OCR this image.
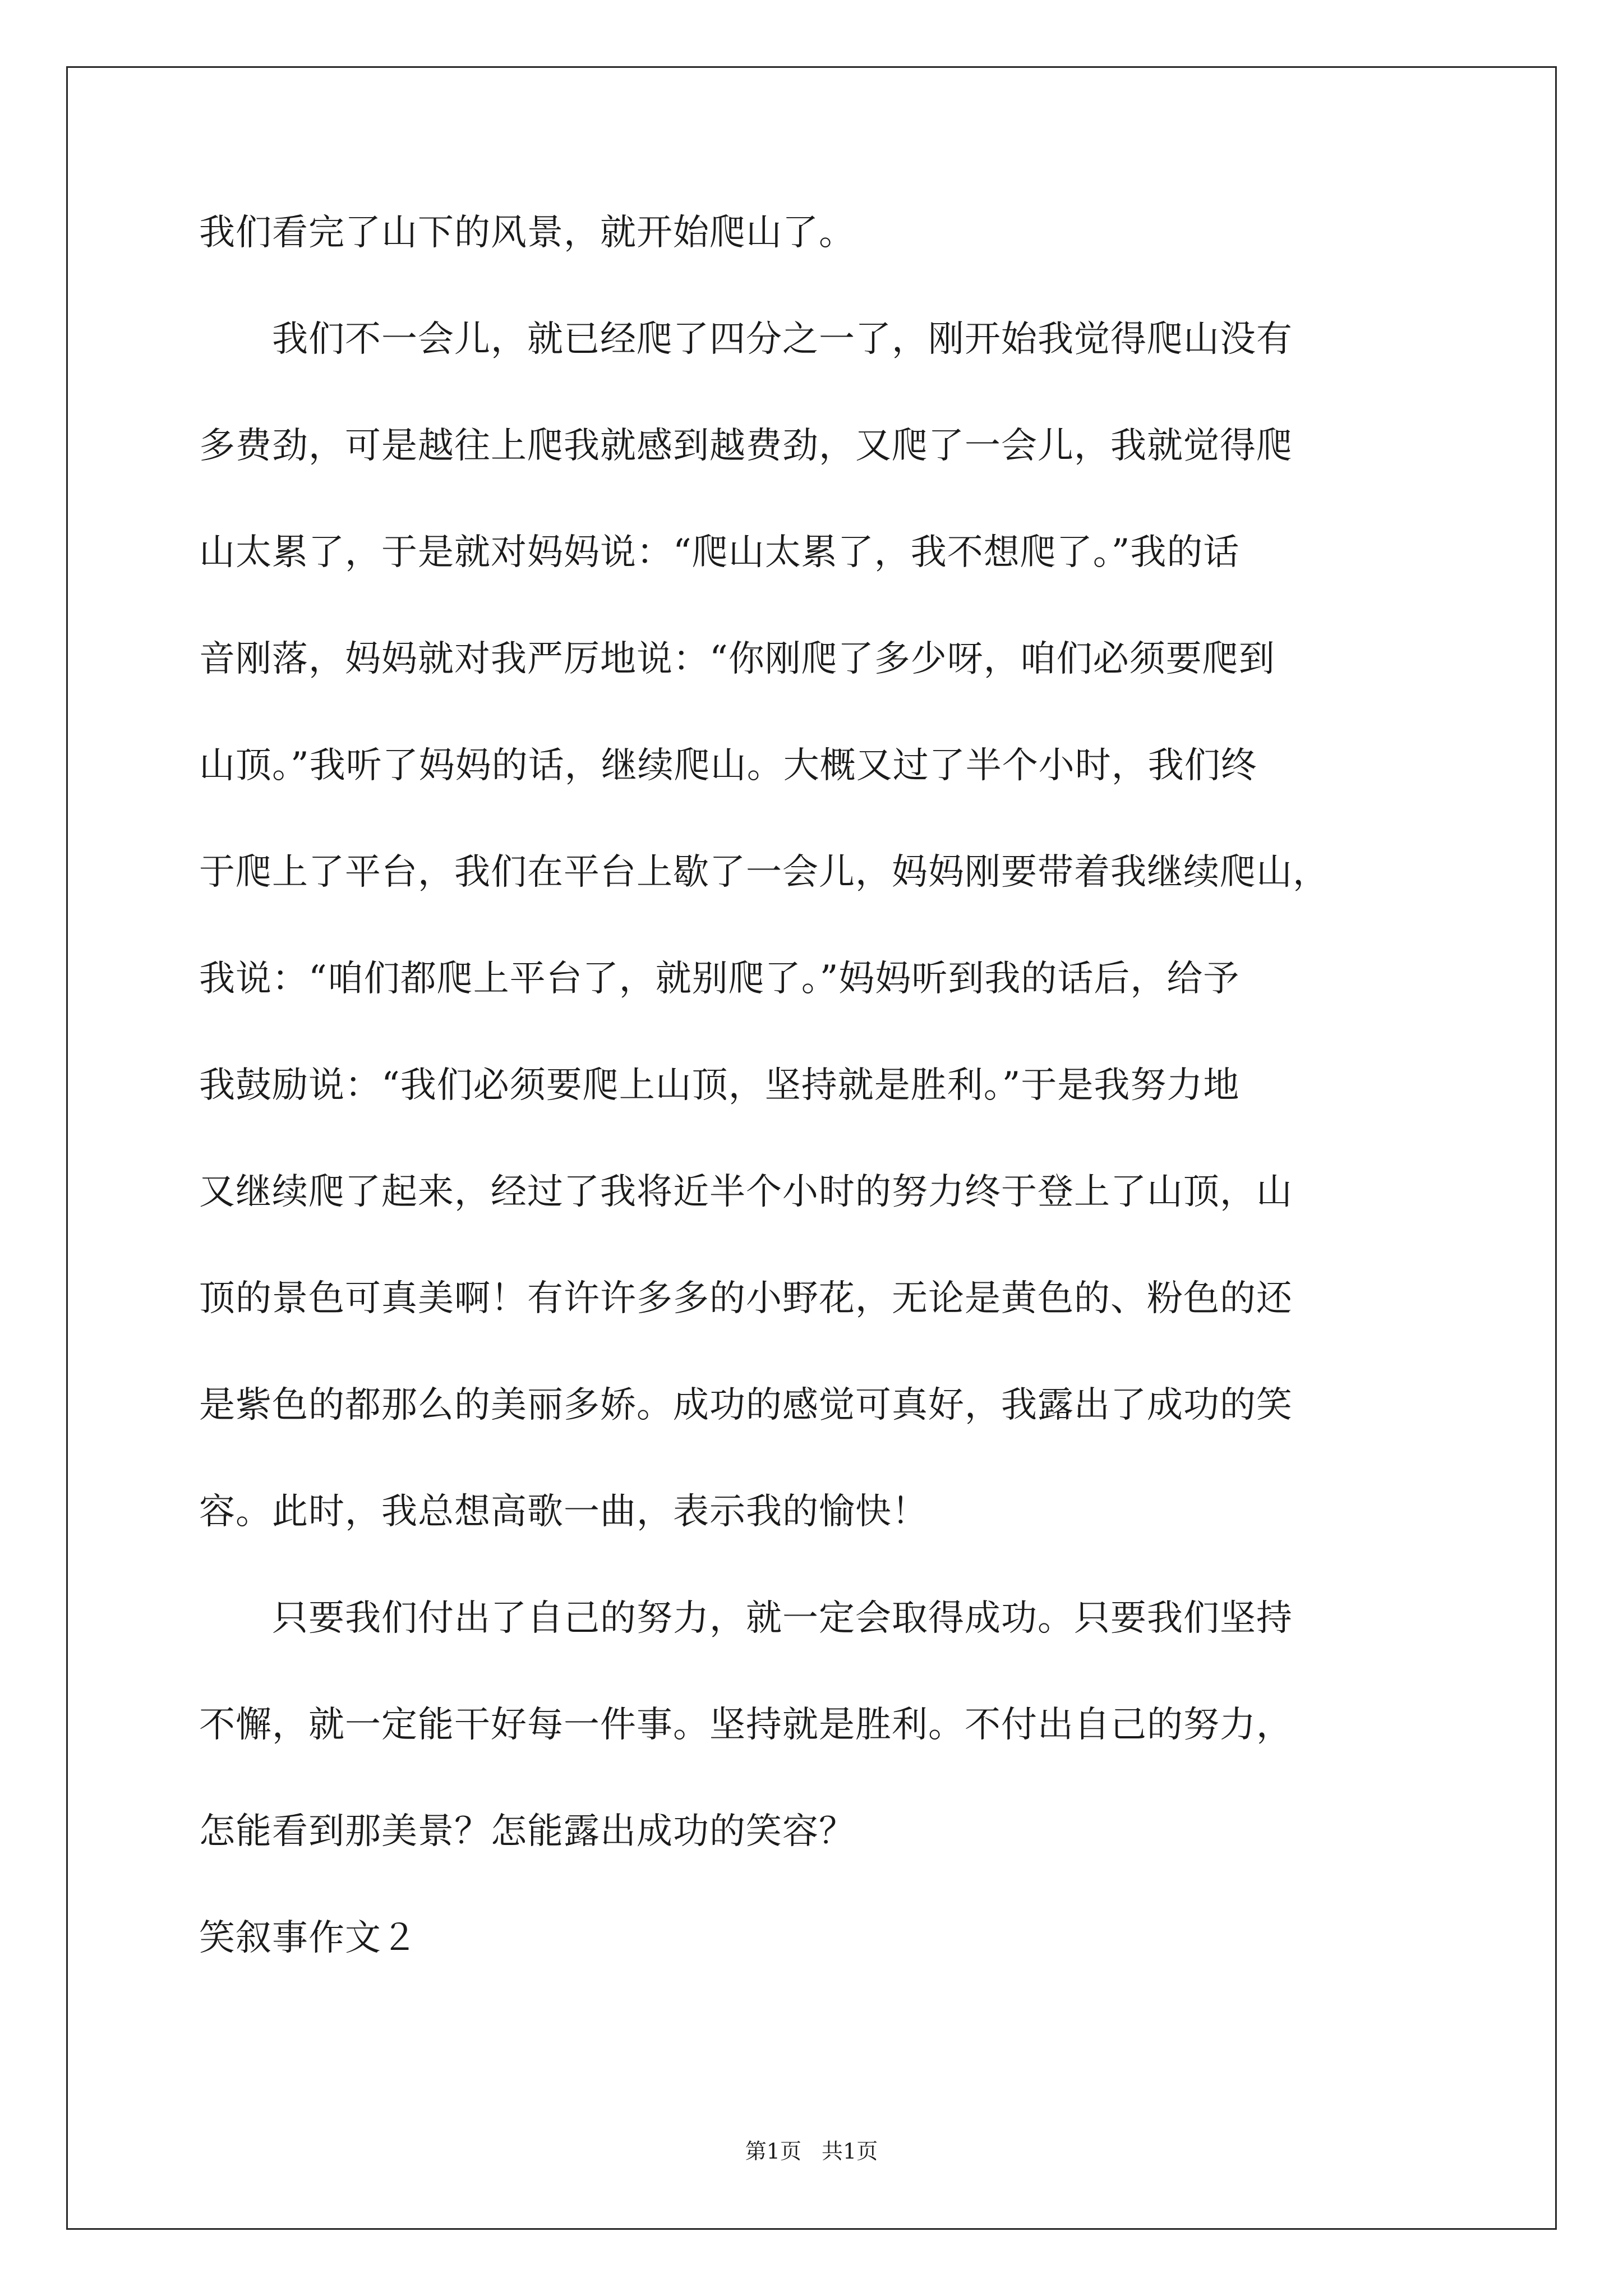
我们看完了山下的风景，就开始爬山了。
　　我们不一会儿，就已经爬了四分之一了，刚开始我觉得爬山没有
多费劲，可是越往上爬我就感到越费劲，又爬了一会儿，我就觉得爬
山太累了，于是就对妈妈说：“爬山太累了，我不想爬了。”我的话
音刚落，妈妈就对我严厉地说：“你刚爬了多少呀，咱们必须要爬到
山顶。”我听了妈妈的话，继续爬山。大概又过了半个小时，我们终
于爬上了平台，我们在平台上歇了一会儿，妈妈刚要带着我继续爬山，
我说：“咱们都爬上平台了，就别爬了。”妈妈听到我的话后，给予
我鼓励说：“我们必须要爬上山顶，坚持就是胜利。”于是我努力地
又继续爬了起来，经过了我将近半个小时的努力终于登上了山顶，山
顶的景色可真美啊！有许许多多的小野花，无论是黄色的、粉色的还
是紫色的都那么的美丽多娇。成功的感觉可真好，我露出了成功的笑
容。此时，我总想高歌一曲，表示我的愉快！
　　只要我们付出了自己的努力，就一定会取得成功。只要我们坚持
不懈，就一定能干好每一件事。坚持就是胜利。不付出自己的努力，
怎能看到那美景？怎能露出成功的笑容？
笑叙事作文２
第1页 共1页
